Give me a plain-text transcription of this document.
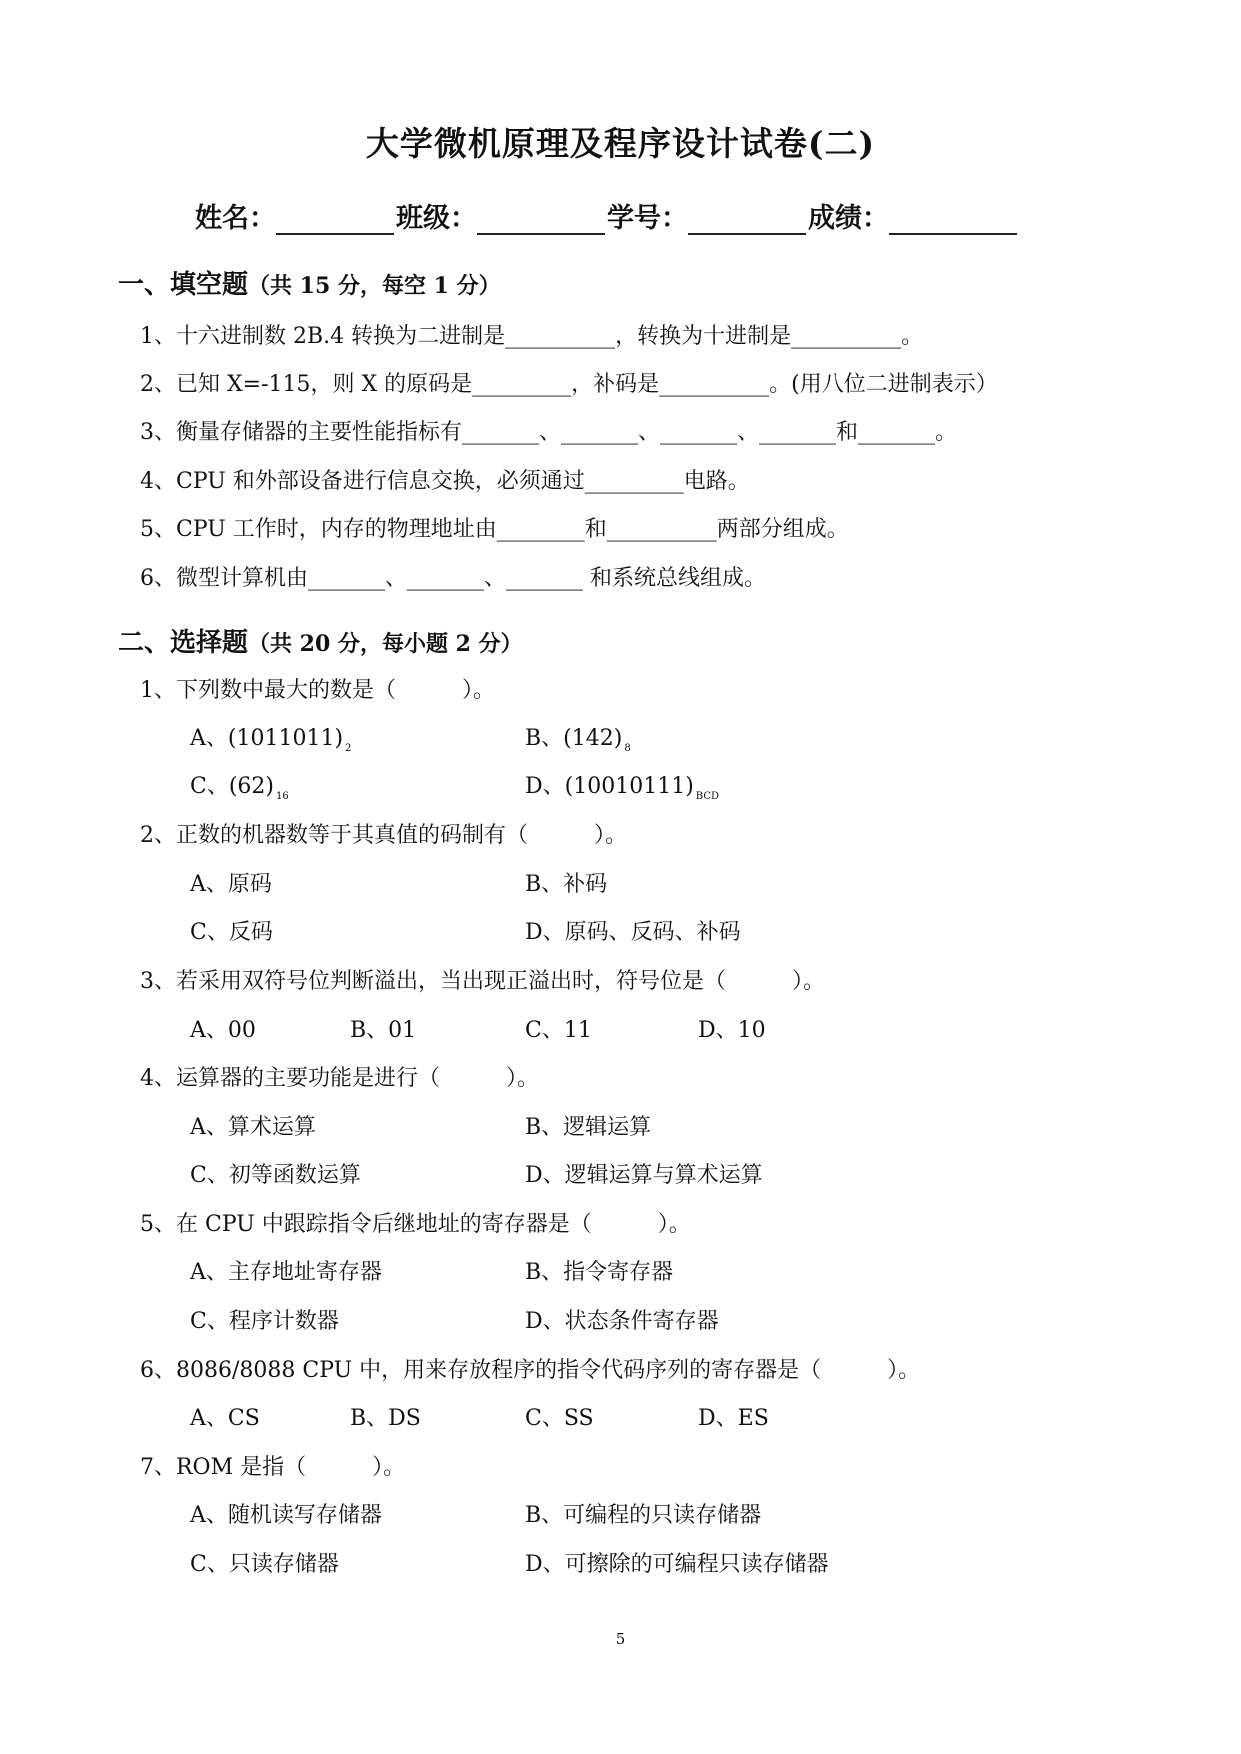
大学微机原理及程序设计试卷(二)
姓名：	班级：	学号：	成绩：
一、填空题（共 15 分，每空 1 分）
1、十六进制数 2B.4 转换为二进制是__________，转换为十进制是__________。
2、已知 X=-115，则 X 的原码是_________，补码是__________。(用八位二进制表示）
3、衡量存储器的主要性能指标有_______、_______、_______、_______和_______。
4、CPU 和外部设备进行信息交换，必须通过_________电路。
5、CPU 工作时，内存的物理地址由________和__________两部分组成。
6、微型计算机由_______、_______、_______ 和系统总线组成。
二、选择题（共 20 分，每小题 2 分）
1、下列数中最大的数是（　　　）。
A、(1011011) $_2$	B、(142) $_8$
C、(62) $_{16}$	D、(10010111) $_{BCD}$
2、正数的机器数等于其真值的码制有（　　　）。
A、原码	B、补码
C、反码	D、原码、反码、补码
3、若采用双符号位判断溢出，当出现正溢出时，符号位是（　　　）。
A、00	B、01	C、11	D、10
4、运算器的主要功能是进行（　　　）。
A、算术运算	B、逻辑运算
C、初等函数运算	D、逻辑运算与算术运算
5、在 CPU 中跟踪指令后继地址的寄存器是（　　　）。
A、主存地址寄存器	B、指令寄存器
C、程序计数器	D、状态条件寄存器
6、8086/8088 CPU 中，用来存放程序的指令代码序列的寄存器是（　　　）。
A、CS	B、DS	C、SS	D、ES
7、ROM 是指（　　　）。
A、随机读写存储器	B、可编程的只读存储器
C、只读存储器	D、可擦除的可编程只读存储器
5
